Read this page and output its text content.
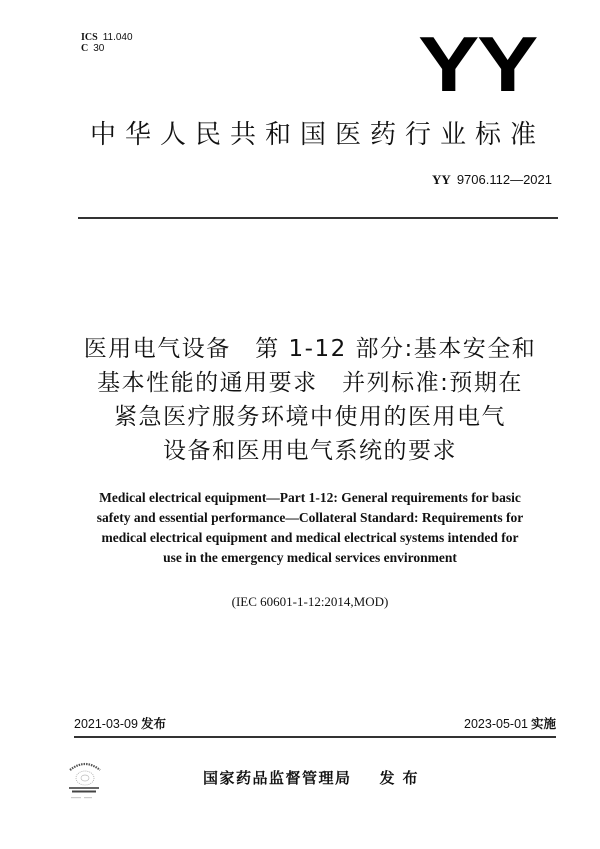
ICS 11.040
C 30	YY
中华人民共和国医药行业标准
YY 9706.112—2021
医用电气设备　第 1-12 部分:基本安全和
基本性能的通用要求　并列标准:预期在
紧急医疗服务环境中使用的医用电气
设备和医用电气系统的要求
Medical electrical equipment—Part 1-12: General requirements for basic
safety and essential performance—Collateral Standard: Requirements for
medical electrical equipment and medical electrical systems intended for
use in the emergency medical services environment
(IEC 60601-1-12:2014,MOD)
2021-03-09 发布	2023-05-01 实施
国家药品监督管理局 发布
